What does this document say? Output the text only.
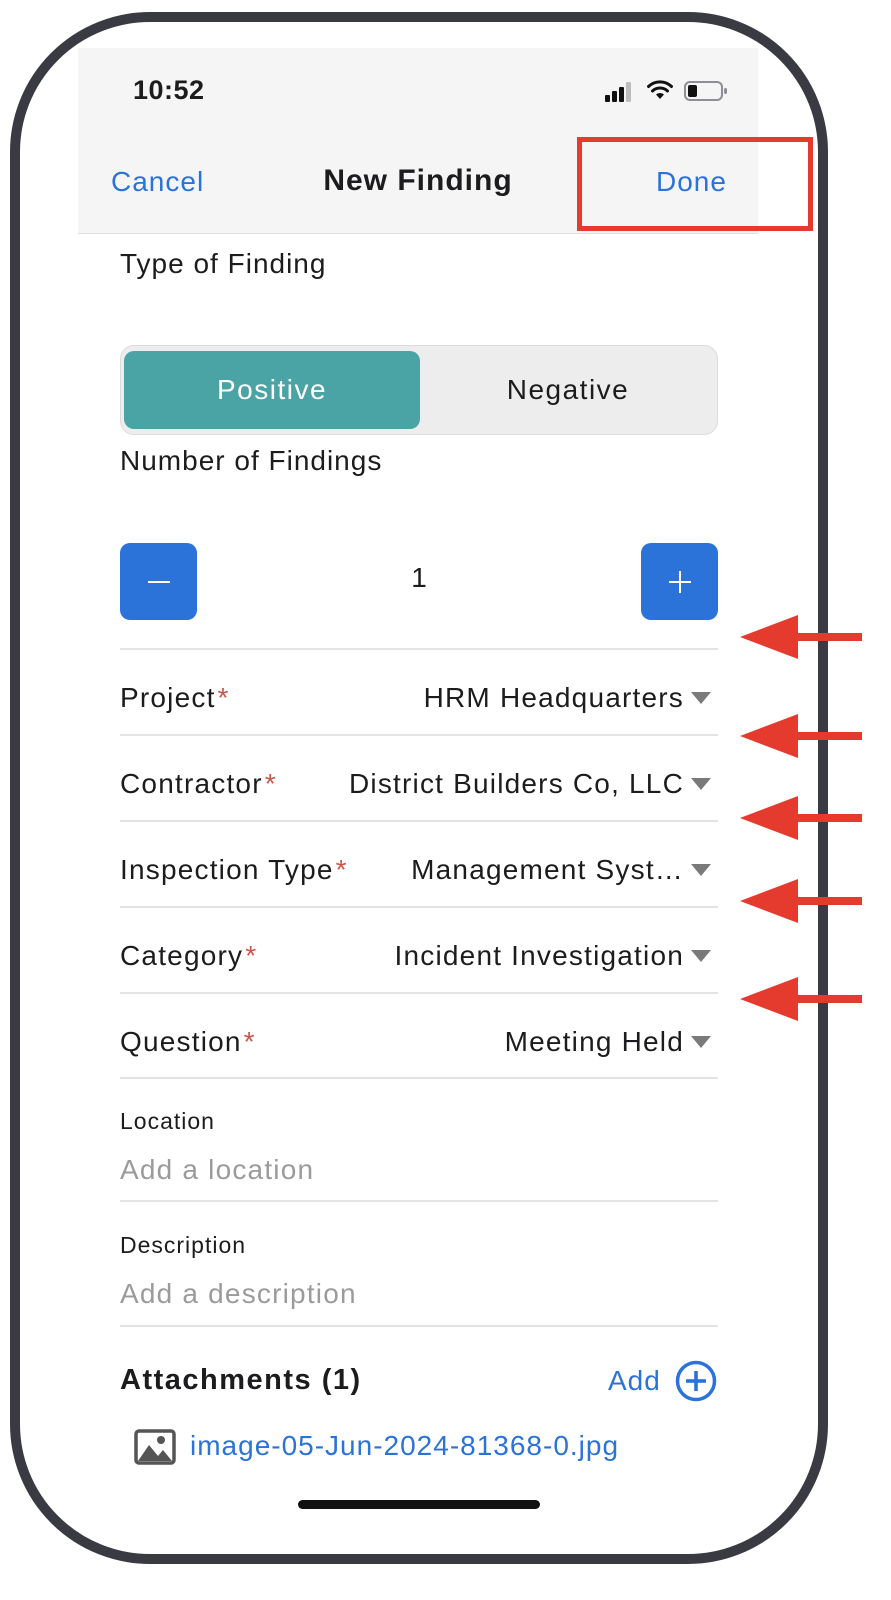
10:52
Cancel	New Finding	Done
Type of Finding
Positive	Negative
Number of Findings
1
Project*	HRM Headquarters
Contractor*	District Builders Co, LLC
Inspection Type*	Management Syst…
Category*	Incident Investigation
Question*	Meeting Held
Location
Add a location
Description
Add a description
Attachments (1)	Add
image-05-Jun-2024-81368-0.jpg
